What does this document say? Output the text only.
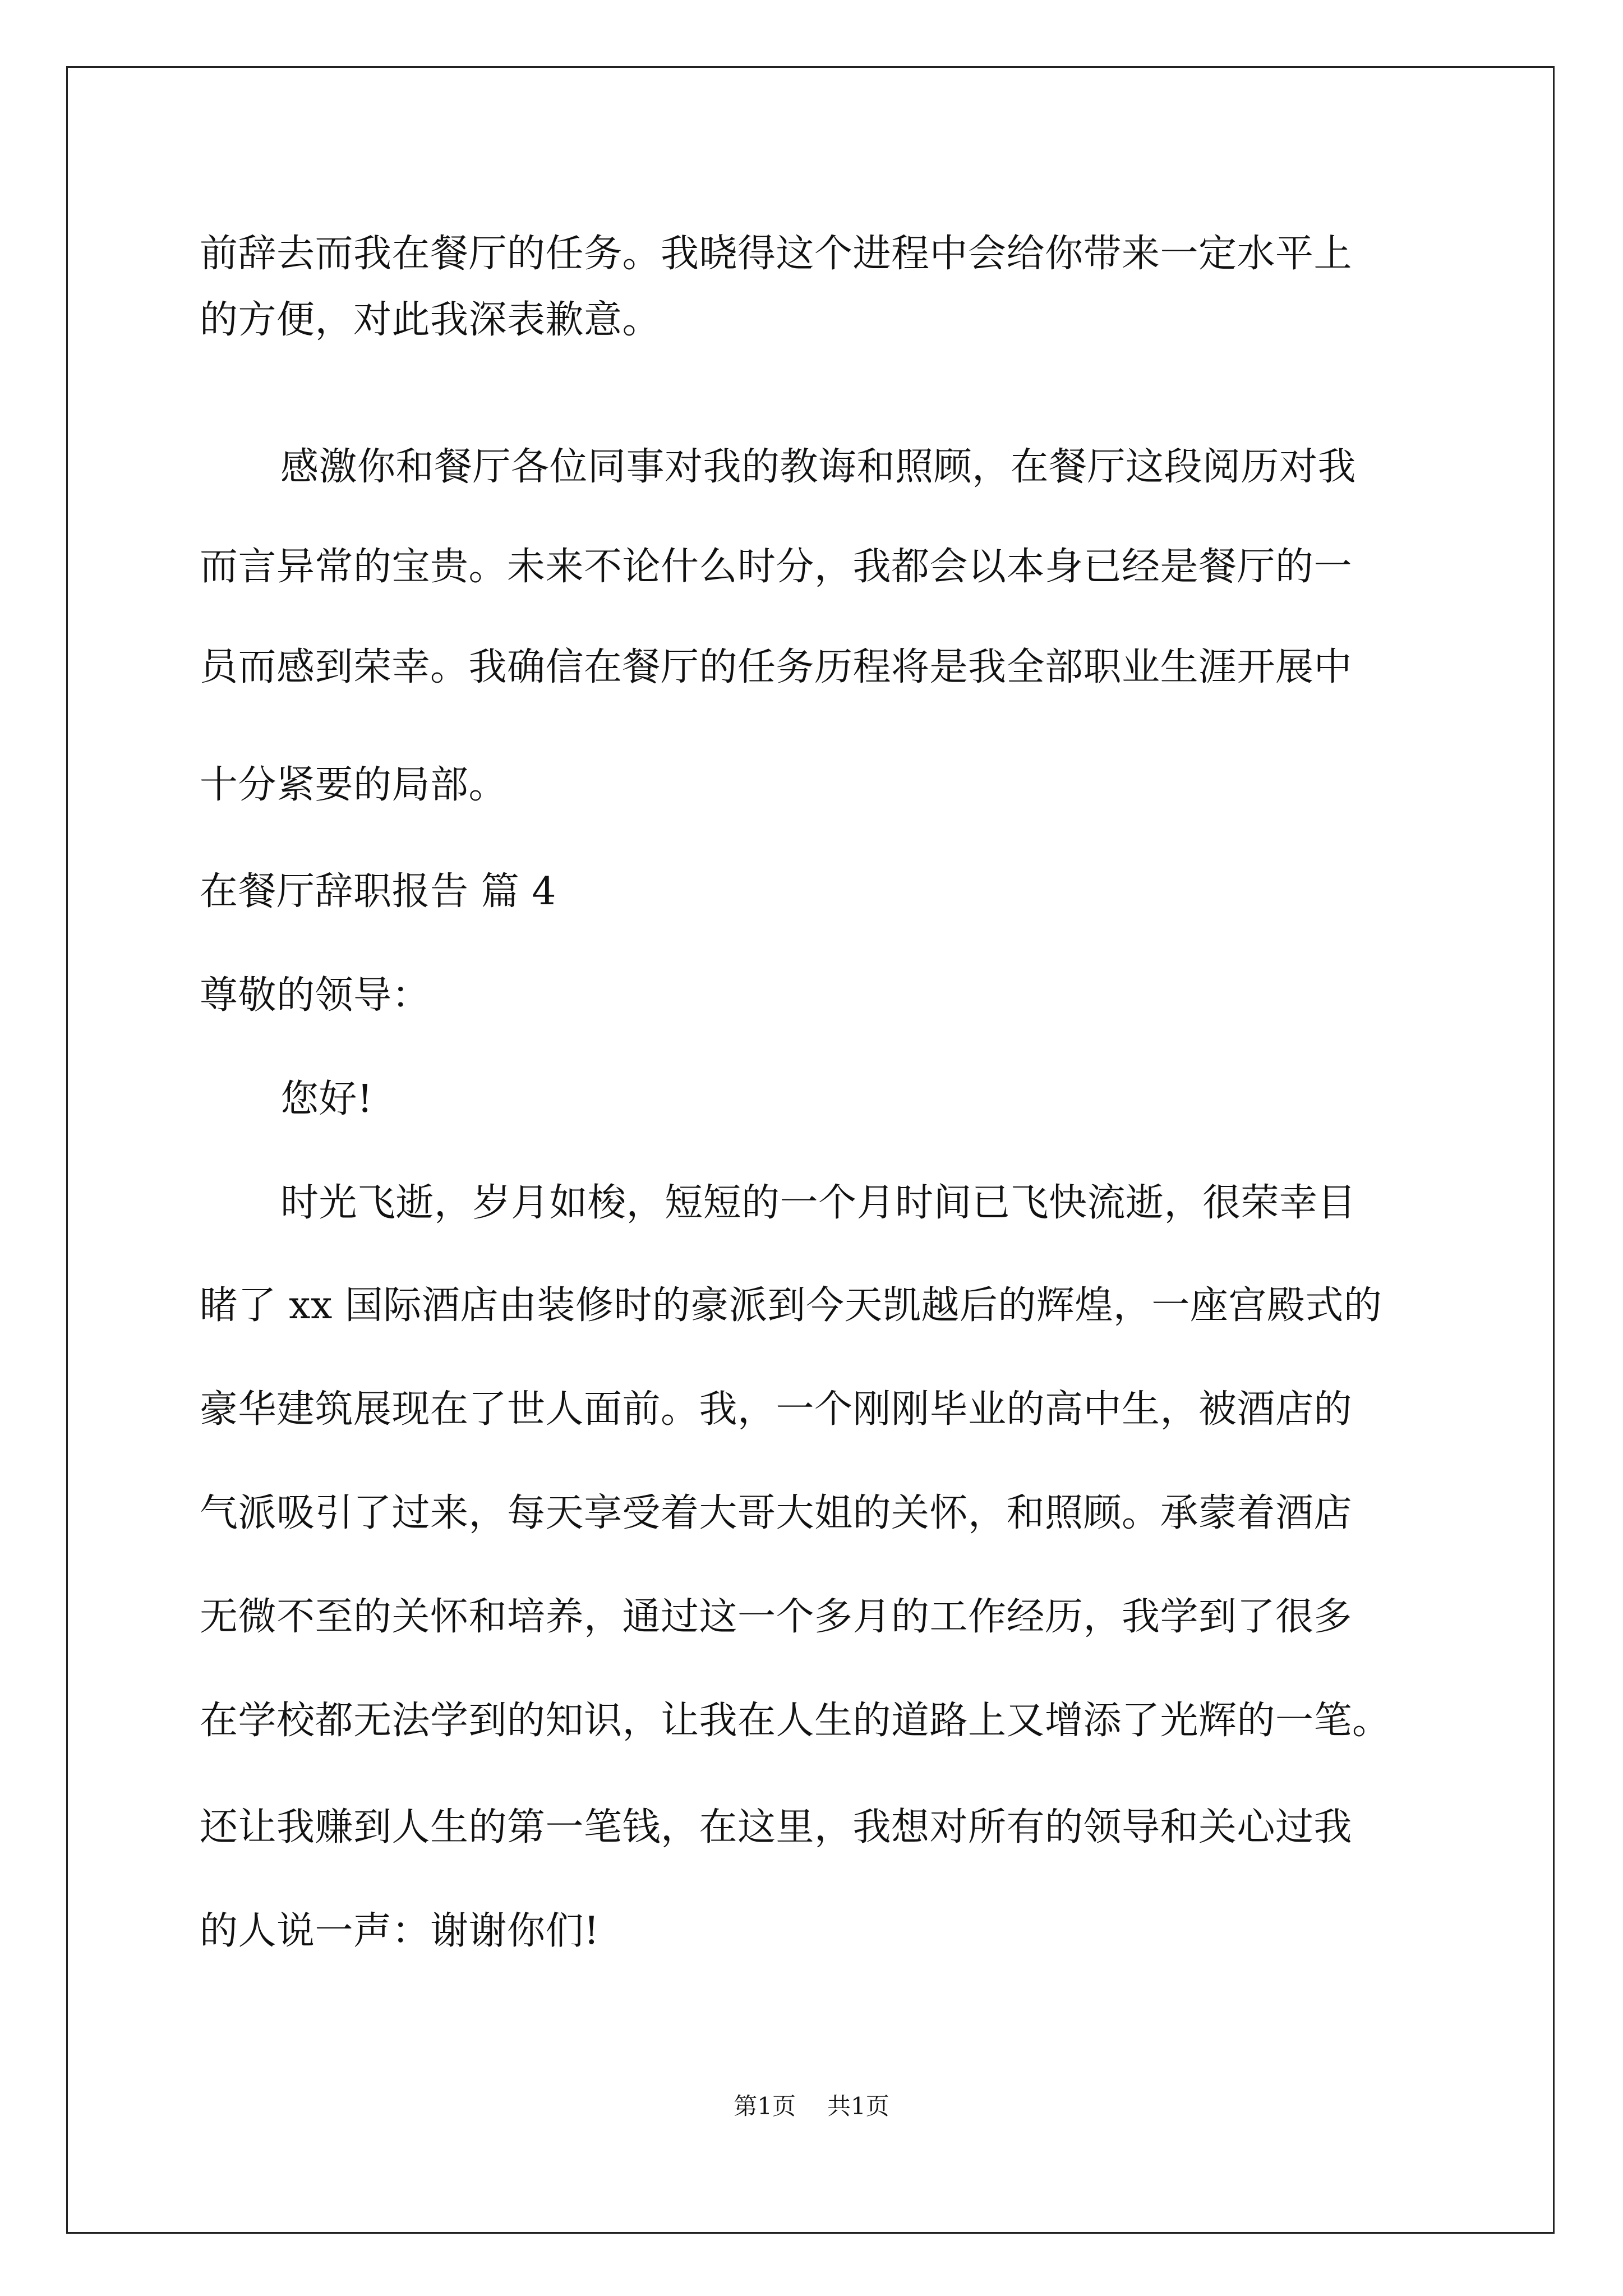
前辞去而我在餐厅的任务。我晓得这个进程中会给你带来一定水平上
的方便，对此我深表歉意。
感激你和餐厅各位同事对我的教诲和照顾，在餐厅这段阅历对我
而言异常的宝贵。未来不论什么时分，我都会以本身已经是餐厅的一
员而感到荣幸。我确信在餐厅的任务历程将是我全部职业生涯开展中
十分紧要的局部。
在餐厅辞职报告 篇 4
尊敬的领导：
您好!
时光飞逝，岁月如梭，短短的一个月时间已飞快流逝，很荣幸目
睹了 xx 国际酒店由装修时的豪派到今天凯越后的辉煌，一座宫殿式的
豪华建筑展现在了世人面前。我，一个刚刚毕业的高中生，被酒店的
气派吸引了过来，每天享受着大哥大姐的关怀，和照顾。承蒙着酒店
无微不至的关怀和培养，通过这一个多月的工作经历，我学到了很多
在学校都无法学到的知识，让我在人生的道路上又增添了光辉的一笔。
还让我赚到人生的第一笔钱，在这里，我想对所有的领导和关心过我
的人说一声：谢谢你们!
第1页 共1页
